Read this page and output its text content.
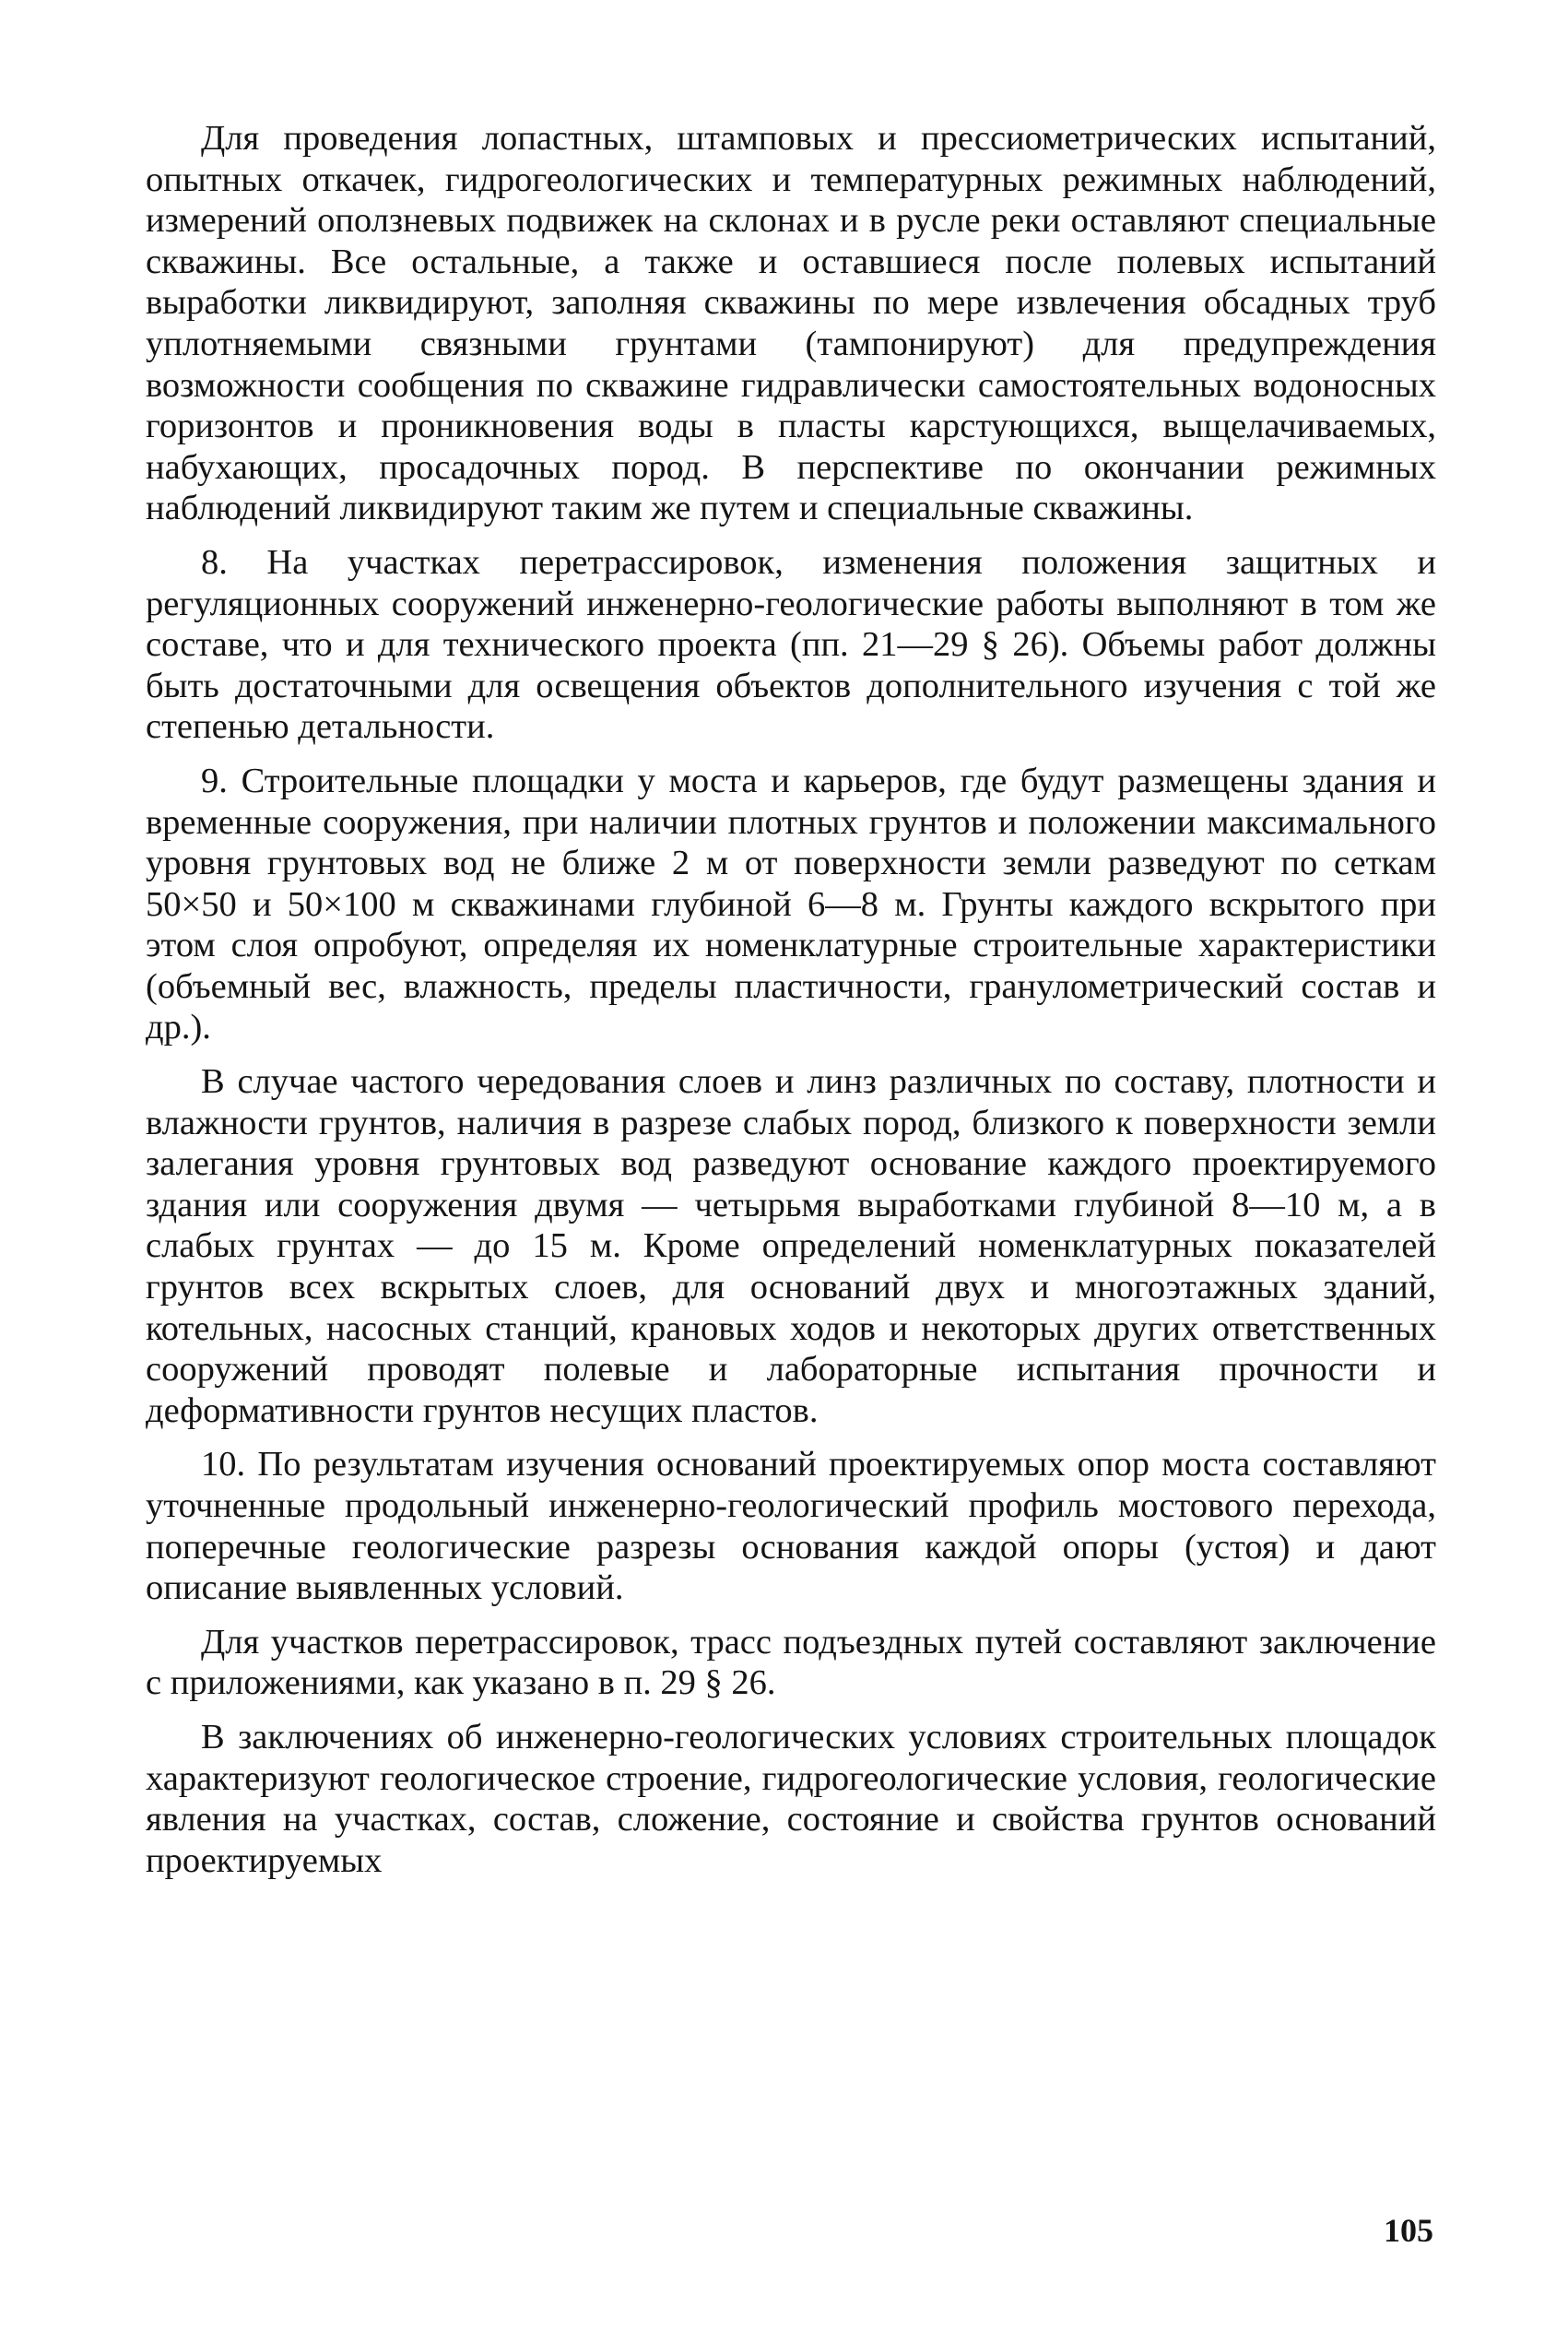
Для проведения лопастных, штамповых и прессиометрических испытаний, опытных откачек, гидрогеологических и температурных режимных наблюдений, измерений оползневых подвижек на склонах и в русле реки оставляют специальные скважины. Все остальные, а также и оставшиеся после полевых испытаний выработки ликвидируют, заполняя скважины по мере извлечения обсадных труб уплотняемыми связными грунтами (тампонируют) для предупреждения возможности сообщения по скважине гидравлически самостоятельных водоносных горизонтов и проникновения воды в пласты карстующихся, выщелачиваемых, набухающих, просадочных пород. В перспективе по окончании режимных наблюдений ликвидируют таким же путем и специальные скважины.

8. На участках перетрассировок, изменения положения защитных и регуляционных сооружений инженерно-геологические работы выполняют в том же составе, что и для технического проекта (пп. 21—29 § 26). Объемы работ должны быть достаточными для освещения объектов дополнительного изучения с той же степенью детальности.

9. Строительные площадки у моста и карьеров, где будут размещены здания и временные сооружения, при наличии плотных грунтов и положении максимального уровня грунтовых вод не ближе 2 м от поверхности земли разведуют по сеткам 50×50 и 50×100 м скважинами глубиной 6—8 м. Грунты каждого вскрытого при этом слоя опробуют, определяя их номенклатурные строительные характеристики (объемный вес, влажность, пределы пластичности, гранулометрический состав и др.).

В случае частого чередования слоев и линз различных по составу, плотности и влажности грунтов, наличия в разрезе слабых пород, близкого к поверхности земли залегания уровня грунтовых вод разведуют основание каждого проектируемого здания или сооружения двумя — четырьмя выработками глубиной 8—10 м, а в слабых грунтах — до 15 м. Кроме определений номенклатурных показателей грунтов всех вскрытых слоев, для оснований двух и многоэтажных зданий, котельных, насосных станций, крановых ходов и некоторых других ответственных сооружений проводят полевые и лабораторные испытания прочности и деформативности грунтов несущих пластов.

10. По результатам изучения оснований проектируемых опор моста составляют уточненные продольный инженерно-геологический профиль мостового перехода, поперечные геологические разрезы основания каждой опоры (устоя) и дают описание выявленных условий.

Для участков перетрассировок, трасс подъездных путей составляют заключение с приложениями, как указано в п. 29 § 26.

В заключениях об инженерно-геологических условиях строительных площадок характеризуют геологическое строение, гидрогеологические условия, геологические явления на участках, состав, сложение, состояние и свойства грунтов оснований проектируемых

105
